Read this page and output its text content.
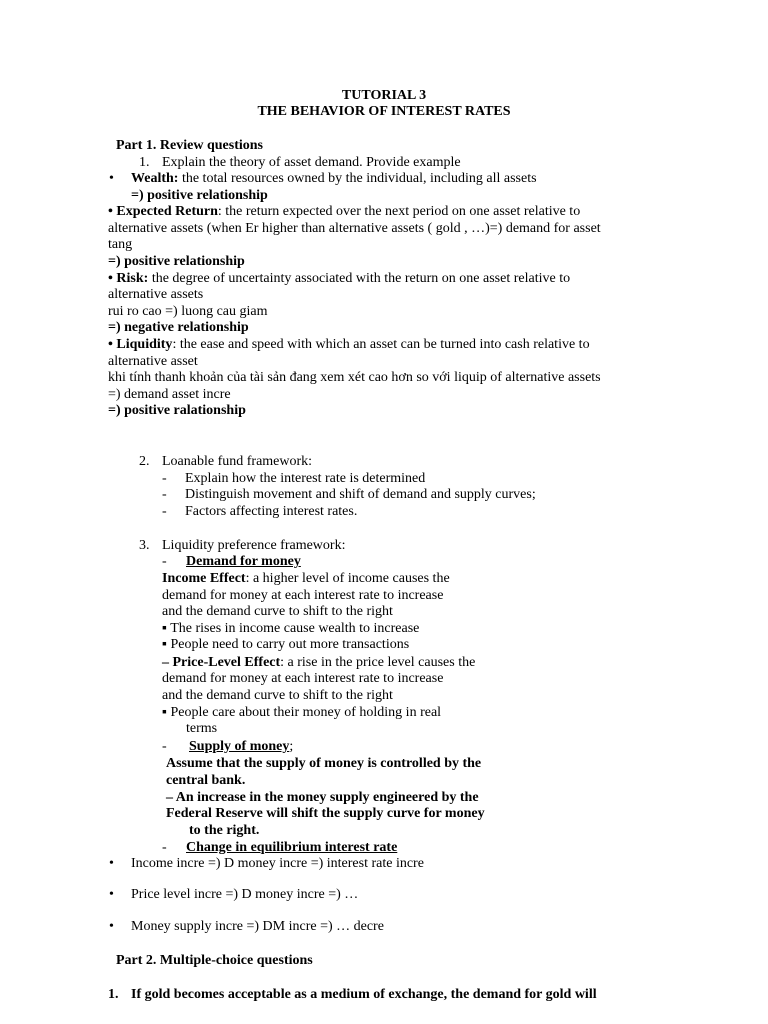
TUTORIAL 3
THE BEHAVIOR OF INTEREST RATES
Part 1. Review questions
1. Explain the theory of asset demand. Provide example
• Wealth: the total resources owned by the individual, including all assets
=) positive relationship
• Expected Return: the return expected over the next period on one asset relative to
alternative assets (when Er higher than alternative assets ( gold , …)=) demand for asset
tang
=) positive relationship
• Risk: the degree of uncertainty associated with the return on one asset relative to
alternative assets
rui ro cao =) luong cau giam
=) negative relationship
• Liquidity: the ease and speed with which an asset can be turned into cash relative to
alternative asset
khi tính thanh khoản của tài sản đang xem xét cao hơn so với liquip of alternative assets
=) demand asset incre
=) positive ralationship
2. Loanable fund framework:
- Explain how the interest rate is determined
- Distinguish movement and shift of demand and supply curves;
- Factors affecting interest rates.
3. Liquidity preference framework:
- Demand for money
Income Effect: a higher level of income causes the
demand for money at each interest rate to increase
and the demand curve to shift to the right
▪ The rises in income cause wealth to increase
▪ People need to carry out more transactions
– Price-Level Effect: a rise in the price level causes the
demand for money at each interest rate to increase
and the demand curve to shift to the right
▪ People care about their money of holding in real
terms
- Supply of money;
Assume that the supply of money is controlled by the
central bank.
– An increase in the money supply engineered by the
Federal Reserve will shift the supply curve for money
to the right.
- Change in equilibrium interest rate
• Income incre =) D money incre =) interest rate incre
• Price level incre =) D money incre =) …
• Money supply incre =) DM incre =) … decre
Part 2. Multiple-choice questions
1. If gold becomes acceptable as a medium of exchange, the demand for gold will
